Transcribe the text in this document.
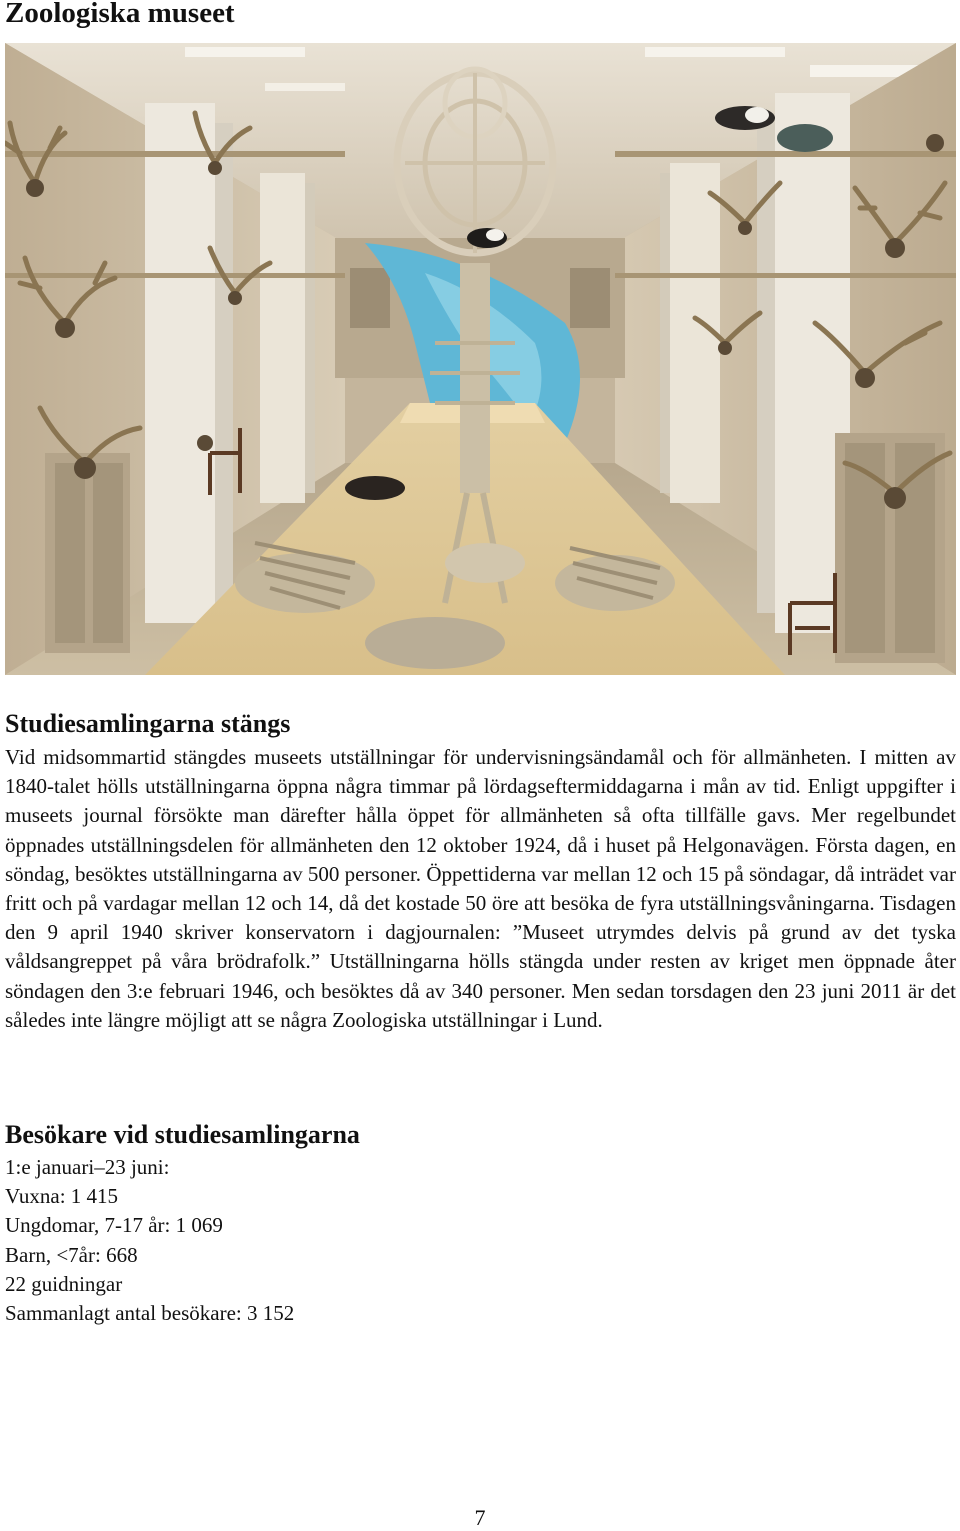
Zoologiska museet
Studiesamlingarna stängs

Vid midsommartid stängdes museets utställningar för undervisningsändamål och för allmänheten. I mitten av 1840-talet hölls utställningarna öppna några timmar på lördagseftermiddagarna i mån av tid. Enligt uppgifter i museets journal försökte man därefter hålla öppet för allmänheten så ofta tillfälle gavs. Mer regelbundet öppnades utställningsdelen för allmänheten den 12 oktober 1924, då i huset på Helgonavägen. Första dagen, en söndag, besöktes utställningarna av 500 personer. Öppettiderna var mellan 12 och 15 på söndagar, då inträdet var fritt och på vardagar mellan 12 och 14, då det kostade 50 öre att besöka de fyra utställningsvåningarna. Tisdagen den 9 april 1940 skriver konservatorn i dagjournalen: ”Museet utrymdes delvis på grund av det tyska våldsangreppet på våra brödrafolk.” Utställningarna hölls stängda under resten av kriget men öppnade åter söndagen den 3:e februari 1946, och besöktes då av 340 personer. Men sedan torsdagen den 23 juni 2011 är det således inte längre möjligt att se några Zoologiska utställningar i Lund.

Besökare vid studiesamlingarna
1:e januari–23 juni:
Vuxna: 1 415
Ungdomar, 7-17 år: 1 069
Barn, <7år: 668
22 guidningar
Sammanlagt antal besökare: 3 152
7
